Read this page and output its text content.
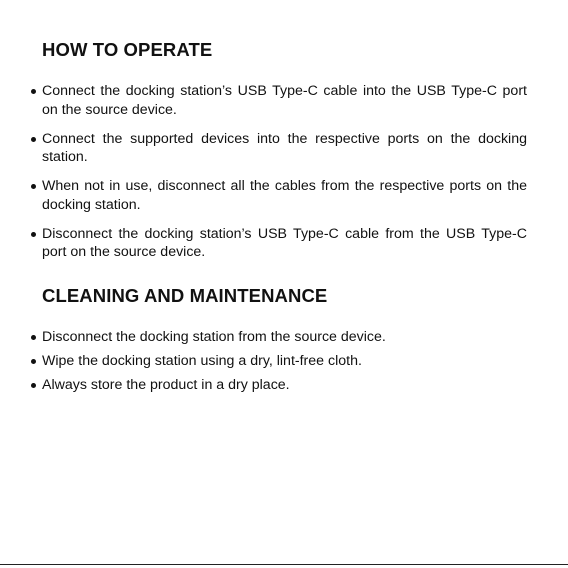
HOW TO OPERATE
Connect the docking station’s USB Type-C cable into the USB Type-C port on the source device.
Connect the supported devices into the respective ports on the docking station.
When not in use, disconnect all the cables from the respective ports on the docking station.
Disconnect the docking station’s USB Type-C cable from the USB Type-C port on the source device.
CLEANING AND MAINTENANCE
Disconnect the docking station from the source device.
Wipe the docking station using a dry, lint-free cloth.
Always store the product in a dry place.
